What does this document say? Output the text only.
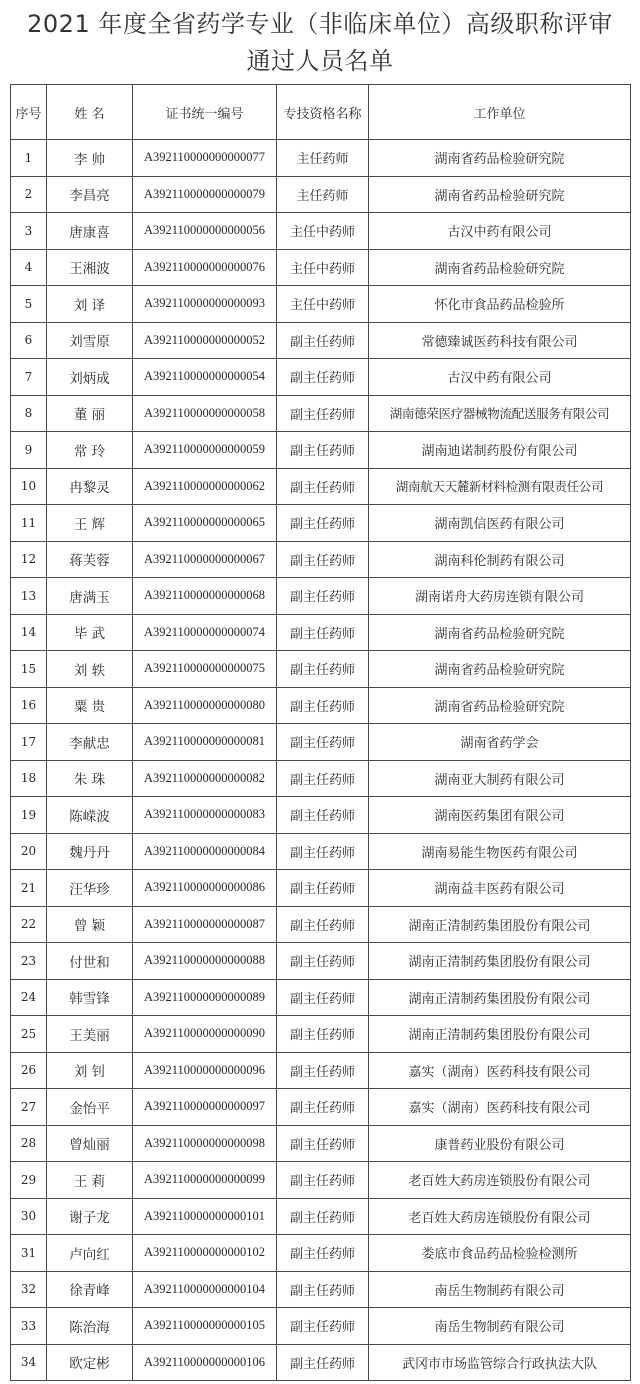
2021 年度全省药学专业（非临床单位）高级职称评审
通过人员名单
序号	姓 名	证书统一编号	专技资格名称	工作单位
1	李 帅	A392110000000000077	主任药师	湖南省药品检验研究院
2	李昌亮	A392110000000000079	主任药师	湖南省药品检验研究院
3	唐康喜	A392110000000000056	主任中药师	古汉中药有限公司
4	王湘波	A392110000000000076	主任中药师	湖南省药品检验研究院
5	刘 译	A392110000000000093	主任中药师	怀化市食品药品检验所
6	刘雪原	A392110000000000052	副主任药师	常德臻诚医药科技有限公司
7	刘炳成	A392110000000000054	副主任药师	古汉中药有限公司
8	董 丽	A392110000000000058	副主任药师	湖南德荣医疗器械物流配送服务有限公司
9	常 玲	A392110000000000059	副主任药师	湖南迪诺制药股份有限公司
10	冉黎灵	A392110000000000062	副主任药师	湖南航天天麓新材料检测有限责任公司
11	王 辉	A392110000000000065	副主任药师	湖南凯信医药有限公司
12	蒋芙蓉	A392110000000000067	副主任药师	湖南科伦制药有限公司
13	唐满玉	A392110000000000068	副主任药师	湖南诺舟大药房连锁有限公司
14	毕 武	A392110000000000074	副主任药师	湖南省药品检验研究院
15	刘 轶	A392110000000000075	副主任药师	湖南省药品检验研究院
16	粟 贵	A392110000000000080	副主任药师	湖南省药品检验研究院
17	李献忠	A392110000000000081	副主任药师	湖南省药学会
18	朱 珠	A392110000000000082	副主任药师	湖南亚大制药有限公司
19	陈嵘波	A392110000000000083	副主任药师	湖南医药集团有限公司
20	魏丹丹	A392110000000000084	副主任药师	湖南易能生物医药有限公司
21	汪华珍	A392110000000000086	副主任药师	湖南益丰医药有限公司
22	曾 颖	A392110000000000087	副主任药师	湖南正清制药集团股份有限公司
23	付世和	A392110000000000088	副主任药师	湖南正清制药集团股份有限公司
24	韩雪锋	A392110000000000089	副主任药师	湖南正清制药集团股份有限公司
25	王美丽	A392110000000000090	副主任药师	湖南正清制药集团股份有限公司
26	刘 钊	A392110000000000096	副主任药师	嘉实（湖南）医药科技有限公司
27	金怡平	A392110000000000097	副主任药师	嘉实（湖南）医药科技有限公司
28	曾灿丽	A392110000000000098	副主任药师	康普药业股份有限公司
29	王 莉	A392110000000000099	副主任药师	老百姓大药房连锁股份有限公司
30	谢子龙	A392110000000000101	副主任药师	老百姓大药房连锁股份有限公司
31	卢向红	A392110000000000102	副主任药师	娄底市食品药品检验检测所
32	徐青峰	A392110000000000104	副主任药师	南岳生物制药有限公司
33	陈治海	A392110000000000105	副主任药师	南岳生物制药有限公司
34	欧定彬	A392110000000000106	副主任药师	武冈市市场监管综合行政执法大队
